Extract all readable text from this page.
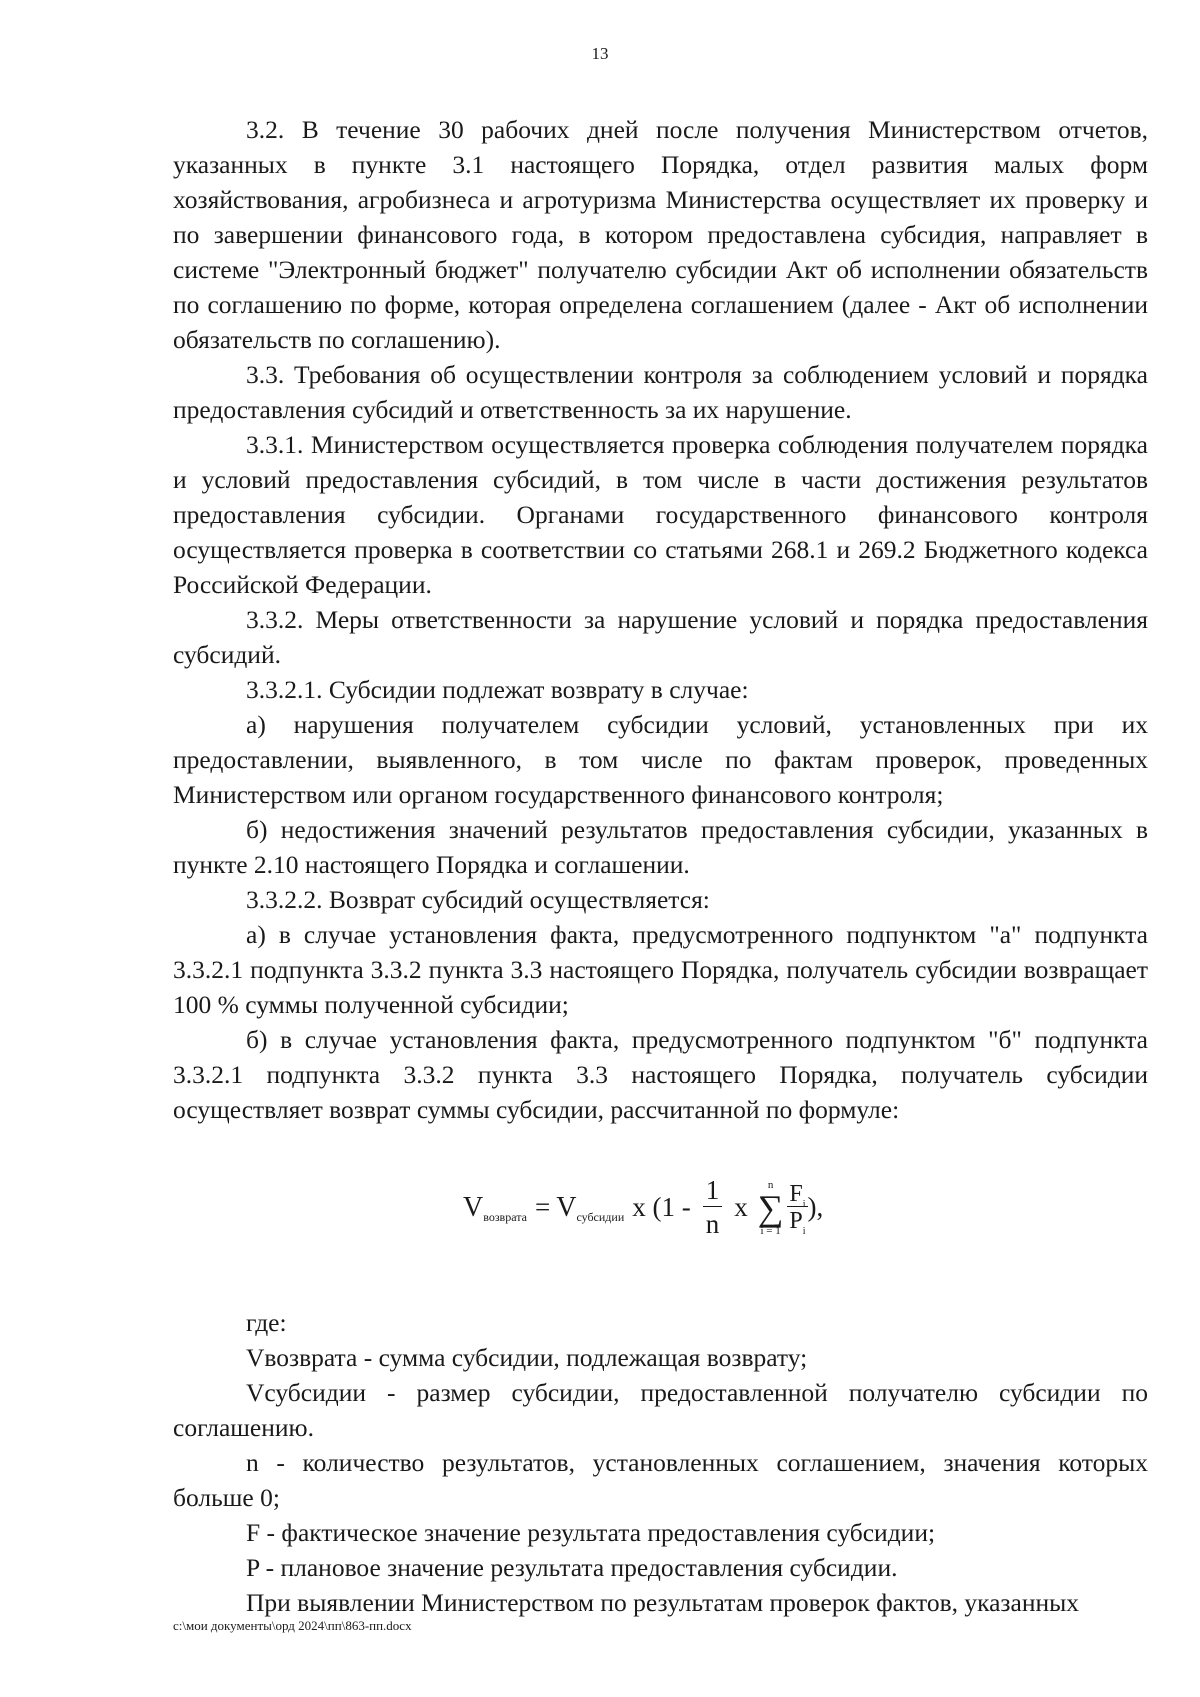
13

3.2. В течение 30 рабочих дней после получения Министерством отчетов, указанных в пункте 3.1 настоящего Порядка, отдел развития малых форм хозяйствования, агробизнеса и агротуризма Министерства осуществляет их проверку и по завершении финансового года, в котором предоставлена субсидия, направляет в системе "Электронный бюджет" получателю субсидии Акт об исполнении обязательств по соглашению по форме, которая определена соглашением (далее - Акт об исполнении обязательств по соглашению).

3.3. Требования об осуществлении контроля за соблюдением условий и порядка предоставления субсидий и ответственность за их нарушение.

3.3.1. Министерством осуществляется проверка соблюдения получателем порядка и условий предоставления субсидий, в том числе в части достижения результатов предоставления субсидии. Органами государственного финансового контроля осуществляется проверка в соответствии со статьями 268.1 и 269.2 Бюджетного кодекса Российской Федерации.

3.3.2. Меры ответственности за нарушение условий и порядка предоставления субсидий.

3.3.2.1. Субсидии подлежат возврату в случае:

а) нарушения получателем субсидии условий, установленных при их предоставлении, выявленного, в том числе по фактам проверок, проведенных Министерством или органом государственного финансового контроля;

б) недостижения значений результатов предоставления субсидии, указанных в пункте 2.10 настоящего Порядка и соглашении.

3.3.2.2. Возврат субсидий осуществляется:

а) в случае установления факта, предусмотренного подпунктом "а" подпункта 3.3.2.1 подпункта 3.3.2 пункта 3.3 настоящего Порядка, получатель субсидии возвращает 100 % суммы полученной субсидии;

б) в случае установления факта, предусмотренного подпунктом "б" подпункта 3.3.2.1 подпункта 3.3.2 пункта 3.3 настоящего Порядка, получатель субсидии осуществляет возврат суммы субсидии, рассчитанной по формуле:

V возврата = V субсидии x ($1 - \frac{1}{n}$ x
n
∑
$i = 1 \frac{F_i}{P_i}$ ),

где:

Vвозврата - сумма субсидии, подлежащая возврату;

Vсубсидии - размер субсидии, предоставленной получателю субсидии по соглашению.

n - количество результатов, установленных соглашением, значения которых больше 0;

F - фактическое значение результата предоставления субсидии;

P - плановое значение результата предоставления субсидии.

При выявлении Министерством по результатам проверок фактов, указанных

c:\мои документы\орд 2024\пп\863-пп.docx
